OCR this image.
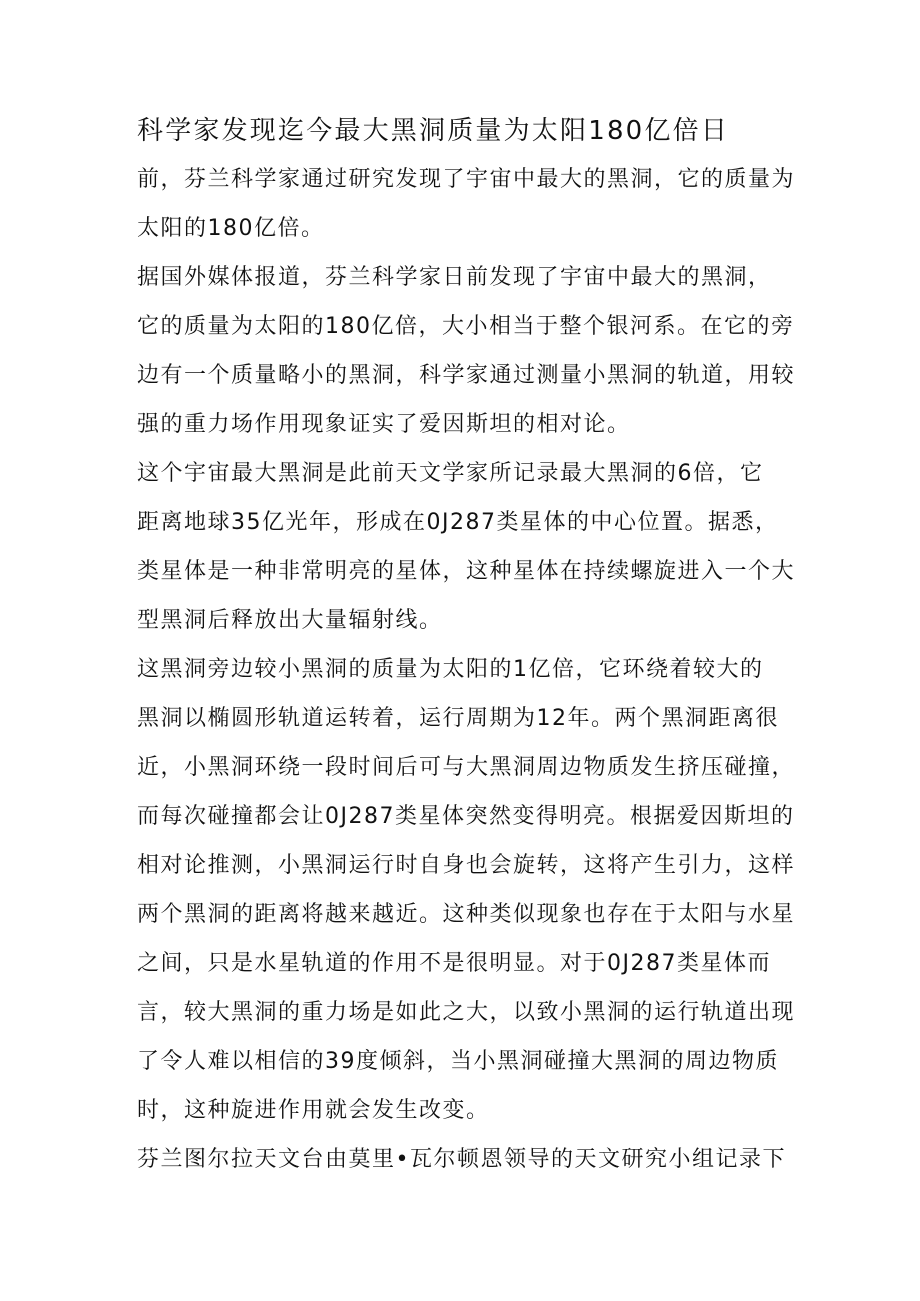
科学家发现迄今最大黑洞质量为太阳180亿倍日

前，芬兰科学家通过研究发现了宇宙中最大的黑洞，它的质量为

太阳的180亿倍。

据国外媒体报道，芬兰科学家日前发现了宇宙中最大的黑洞，

它的质量为太阳的180亿倍，大小相当于整个银河系。在它的旁

边有一个质量略小的黑洞，科学家通过测量小黑洞的轨道，用较

强的重力场作用现象证实了爱因斯坦的相对论。

这个宇宙最大黑洞是此前天文学家所记录最大黑洞的6倍，它

距离地球35亿光年，形成在0J287类星体的中心位置。据悉，

类星体是一种非常明亮的星体，这种星体在持续螺旋进入一个大

型黑洞后释放出大量辐射线。

这黑洞旁边较小黑洞的质量为太阳的1亿倍，它环绕着较大的

黑洞以椭圆形轨道运转着，运行周期为12年。两个黑洞距离很

近，小黑洞环绕一段时间后可与大黑洞周边物质发生挤压碰撞，

而每次碰撞都会让0J287类星体突然变得明亮。根据爱因斯坦的

相对论推测，小黑洞运行时自身也会旋转，这将产生引力，这样

两个黑洞的距离将越来越近。这种类似现象也存在于太阳与水星

之间，只是水星轨道的作用不是很明显。对于0J287类星体而

言，较大黑洞的重力场是如此之大，以致小黑洞的运行轨道出现

了令人难以相信的39度倾斜，当小黑洞碰撞大黑洞的周边物质

时，这种旋进作用就会发生改变。

芬兰图尔拉天文台由莫里•瓦尔顿恩领导的天文研究小组记录下
